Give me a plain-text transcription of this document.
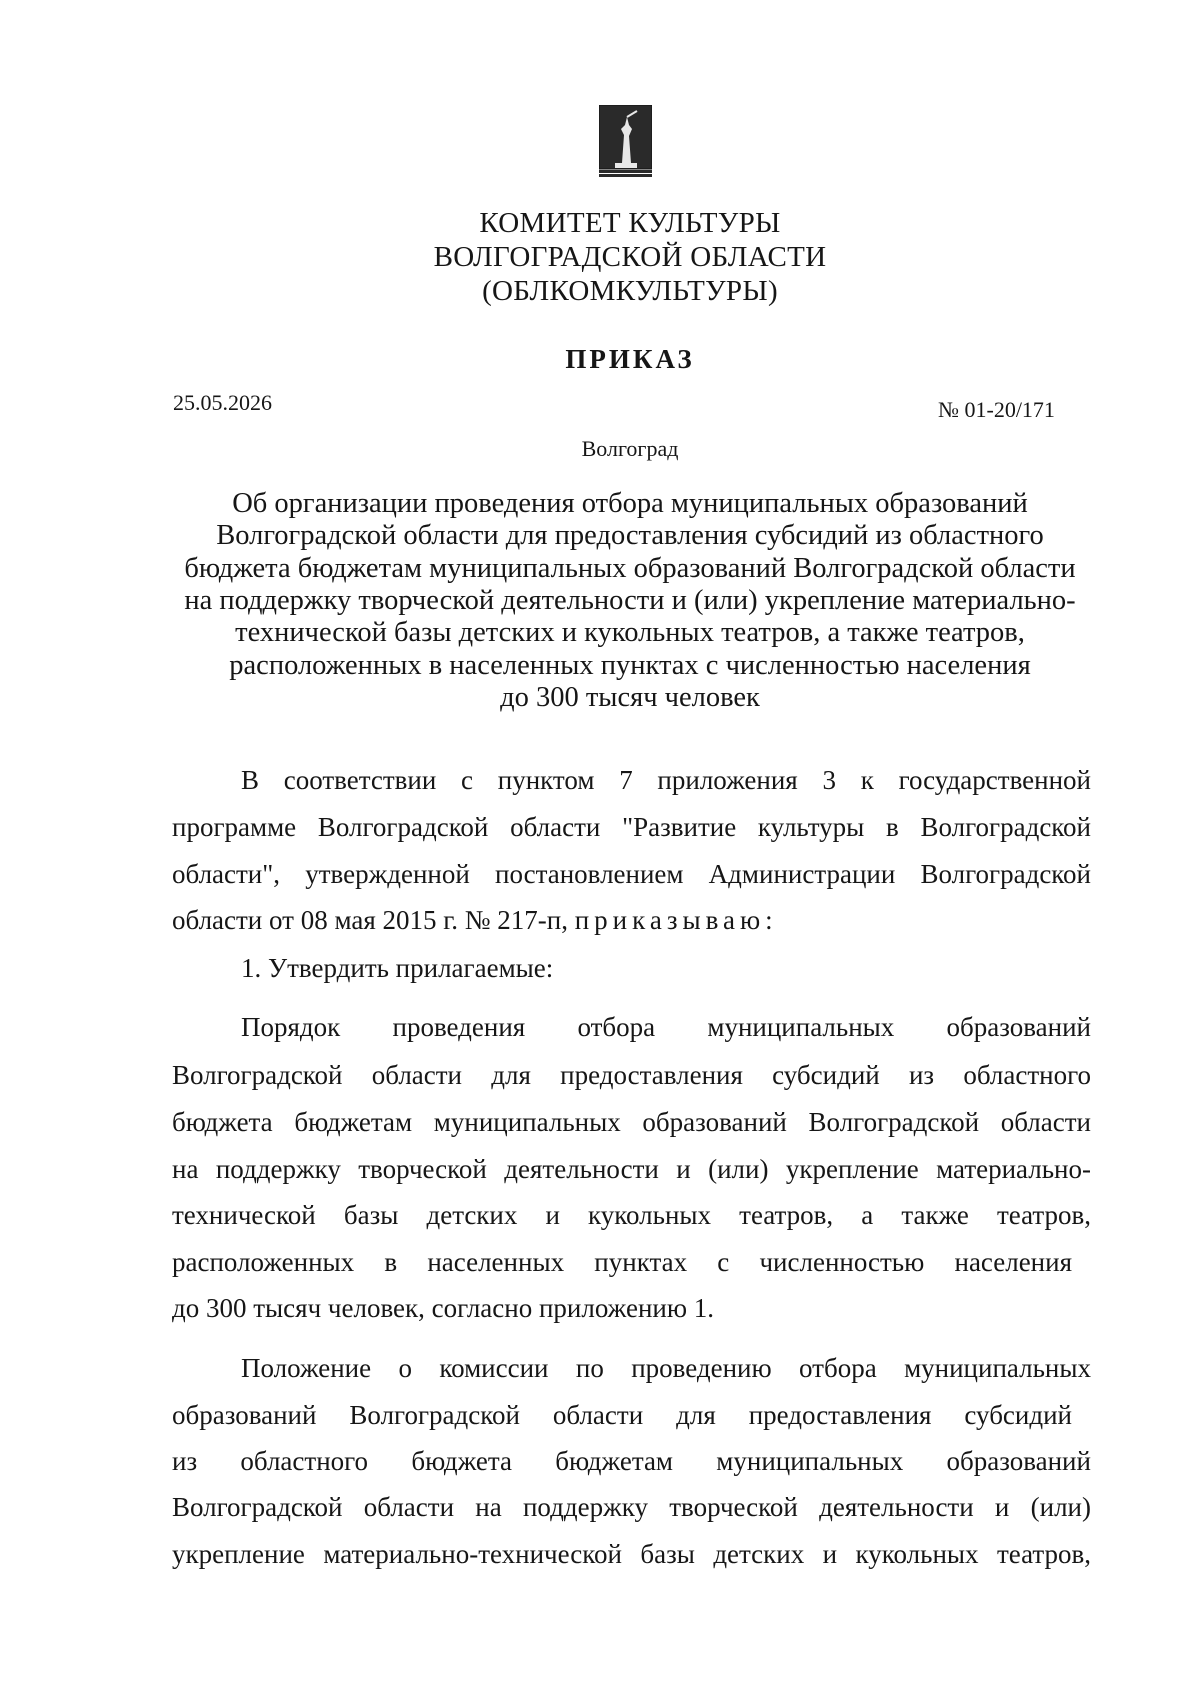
КОМИТЕТ КУЛЬТУРЫ
ВОЛГОГРАДСКОЙ ОБЛАСТИ
(ОБЛКОМКУЛЬТУРЫ)
ПРИКАЗ
25.05.2026	№ 01-20/171
Волгоград
Об организации проведения отбора муниципальных образований
Волгоградской области для предоставления субсидий из областного
бюджета бюджетам муниципальных образований Волгоградской области
на поддержку творческой деятельности и (или) укрепление материально-
технической базы детских и кукольных театров, а также театров,
расположенных в населенных пунктах с численностью населения
до 300 тысяч человек
В соответствии с пунктом 7 приложения 3 к государственной
программе Волгоградской области "Развитие культуры в Волгоградской
области", утвержденной постановлением Администрации Волгоградской
области от 08 мая 2015 г. № 217-п, приказываю:
1. Утвердить прилагаемые:
Порядок проведения отбора муниципальных образований
Волгоградской области для предоставления субсидий из областного
бюджета бюджетам муниципальных образований Волгоградской области
на поддержку творческой деятельности и (или) укрепление материально-
технической базы детских и кукольных театров, а также театров,
расположенных в населенных пунктах с численностью населения
до 300 тысяч человек, согласно приложению 1.
Положение о комиссии по проведению отбора муниципальных
образований Волгоградской области для предоставления субсидий
из областного бюджета бюджетам муниципальных образований
Волгоградской области на поддержку творческой деятельности и (или)
укрепление материально-технической базы детских и кукольных театров,
